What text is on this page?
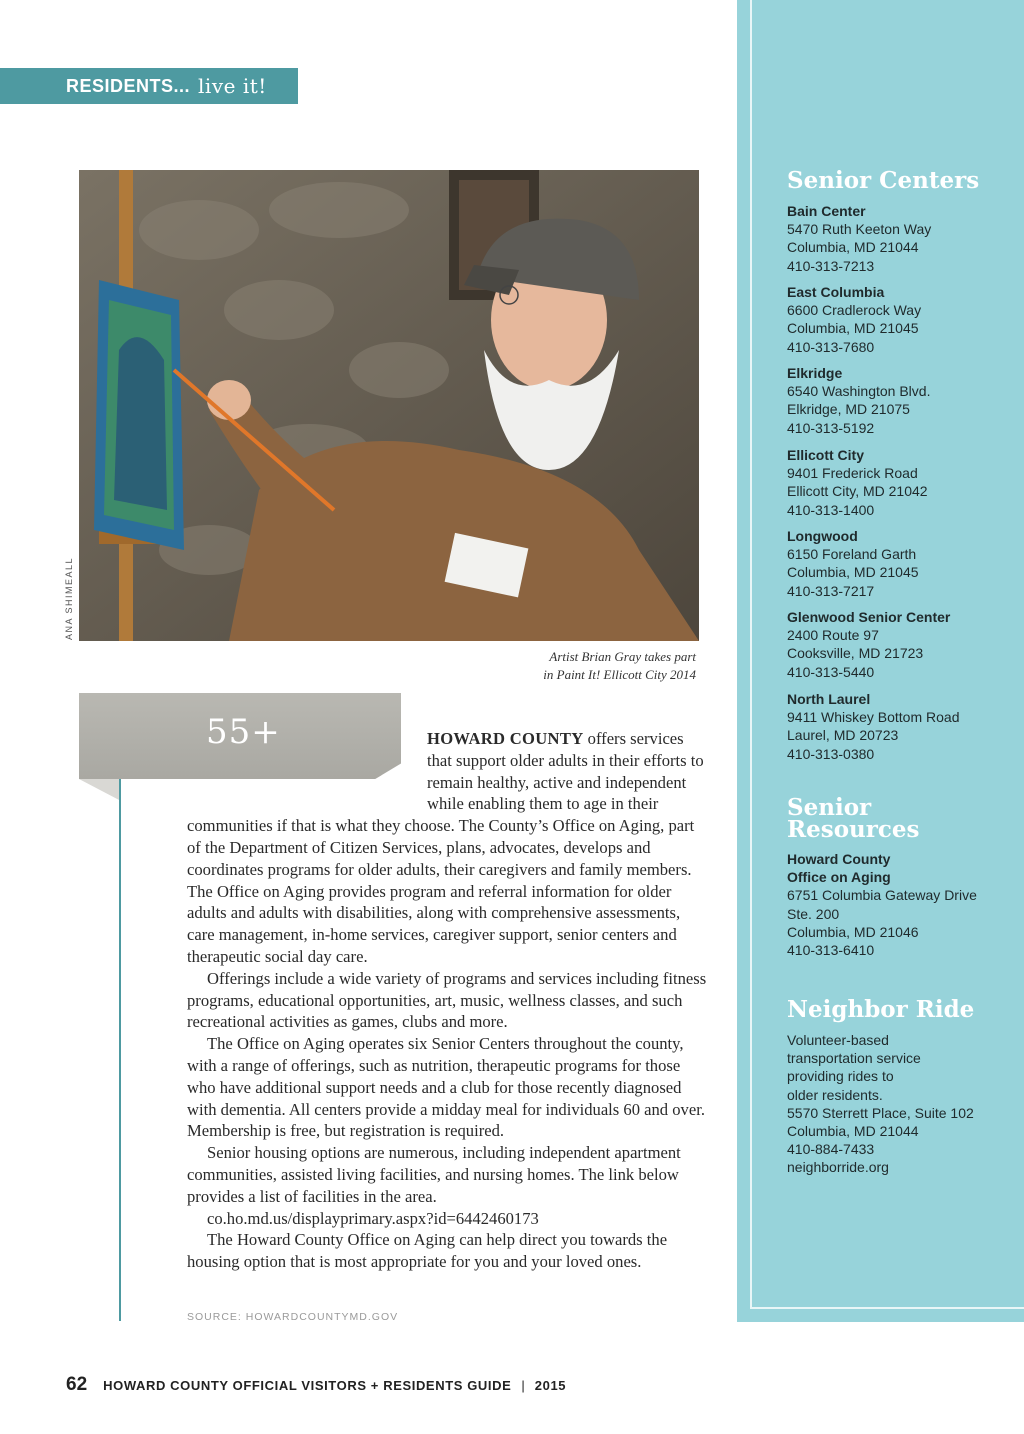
RESIDENTS... live it!
ANA SHIMEALL
Artist Brian Gray takes part
in Paint It! Ellicott City 2014
55+	HOWARD COUNTY offers services that support older adults in their efforts to remain healthy, active and independent while enabling them to age in their communities if that is what they choose. The County’s Office on Aging, part of the Department of Citizen Services, plans, advocates, develops and coordinates programs for older adults, their caregivers and family members. The Office on Aging provides program and referral information for older adults and adults with disabilities, along with comprehensive assessments, care management, in-home services, caregiver support, senior centers and therapeutic social day care.

Offerings include a wide variety of programs and services including fitness programs, educational opportunities, art, music, wellness classes, and such recreational activities as games, clubs and more.

The Office on Aging operates six Senior Centers throughout the county, with a range of offerings, such as nutrition, therapeutic programs for those who have additional support needs and a club for those recently diagnosed with dementia. All centers provide a midday meal for individuals 60 and over. Membership is free, but registration is required.

Senior housing options are numerous, including independent apartment communities, assisted living facilities, and nursing homes. The link below provides a list of facilities in the area.

co.ho.md.us/displayprimary.aspx?id=6442460173

The Howard County Office on Aging can help direct you towards the housing option that is most appropriate for you and your loved ones.

SOURCE: HOWARDCOUNTYMD.GOV
Senior Centers
Bain Center
5470 Ruth Keeton Way
Columbia, MD 21044
410-313-7213
East Columbia
6600 Cradlerock Way
Columbia, MD 21045
410-313-7680
Elkridge
6540 Washington Blvd.
Elkridge, MD 21075
410-313-5192
Ellicott City
9401 Frederick Road
Ellicott City, MD 21042
410-313-1400
Longwood
6150 Foreland Garth
Columbia, MD 21045
410-313-7217
Glenwood Senior Center
2400 Route 97
Cooksville, MD 21723
410-313-5440
North Laurel
9411 Whiskey Bottom Road
Laurel, MD 20723
410-313-0380
Senior
Resources
Howard County
Office on Aging
6751 Columbia Gateway Drive
Ste. 200
Columbia, MD 21046
410-313-6410
Neighbor Ride
Volunteer-based
transportation service
providing rides to
older residents.
5570 Sterrett Place, Suite 102
Columbia, MD 21044
410-884-7433
neighborride.org
62 HOWARD COUNTY OFFICIAL VISITORS + RESIDENTS GUIDE | 2015
